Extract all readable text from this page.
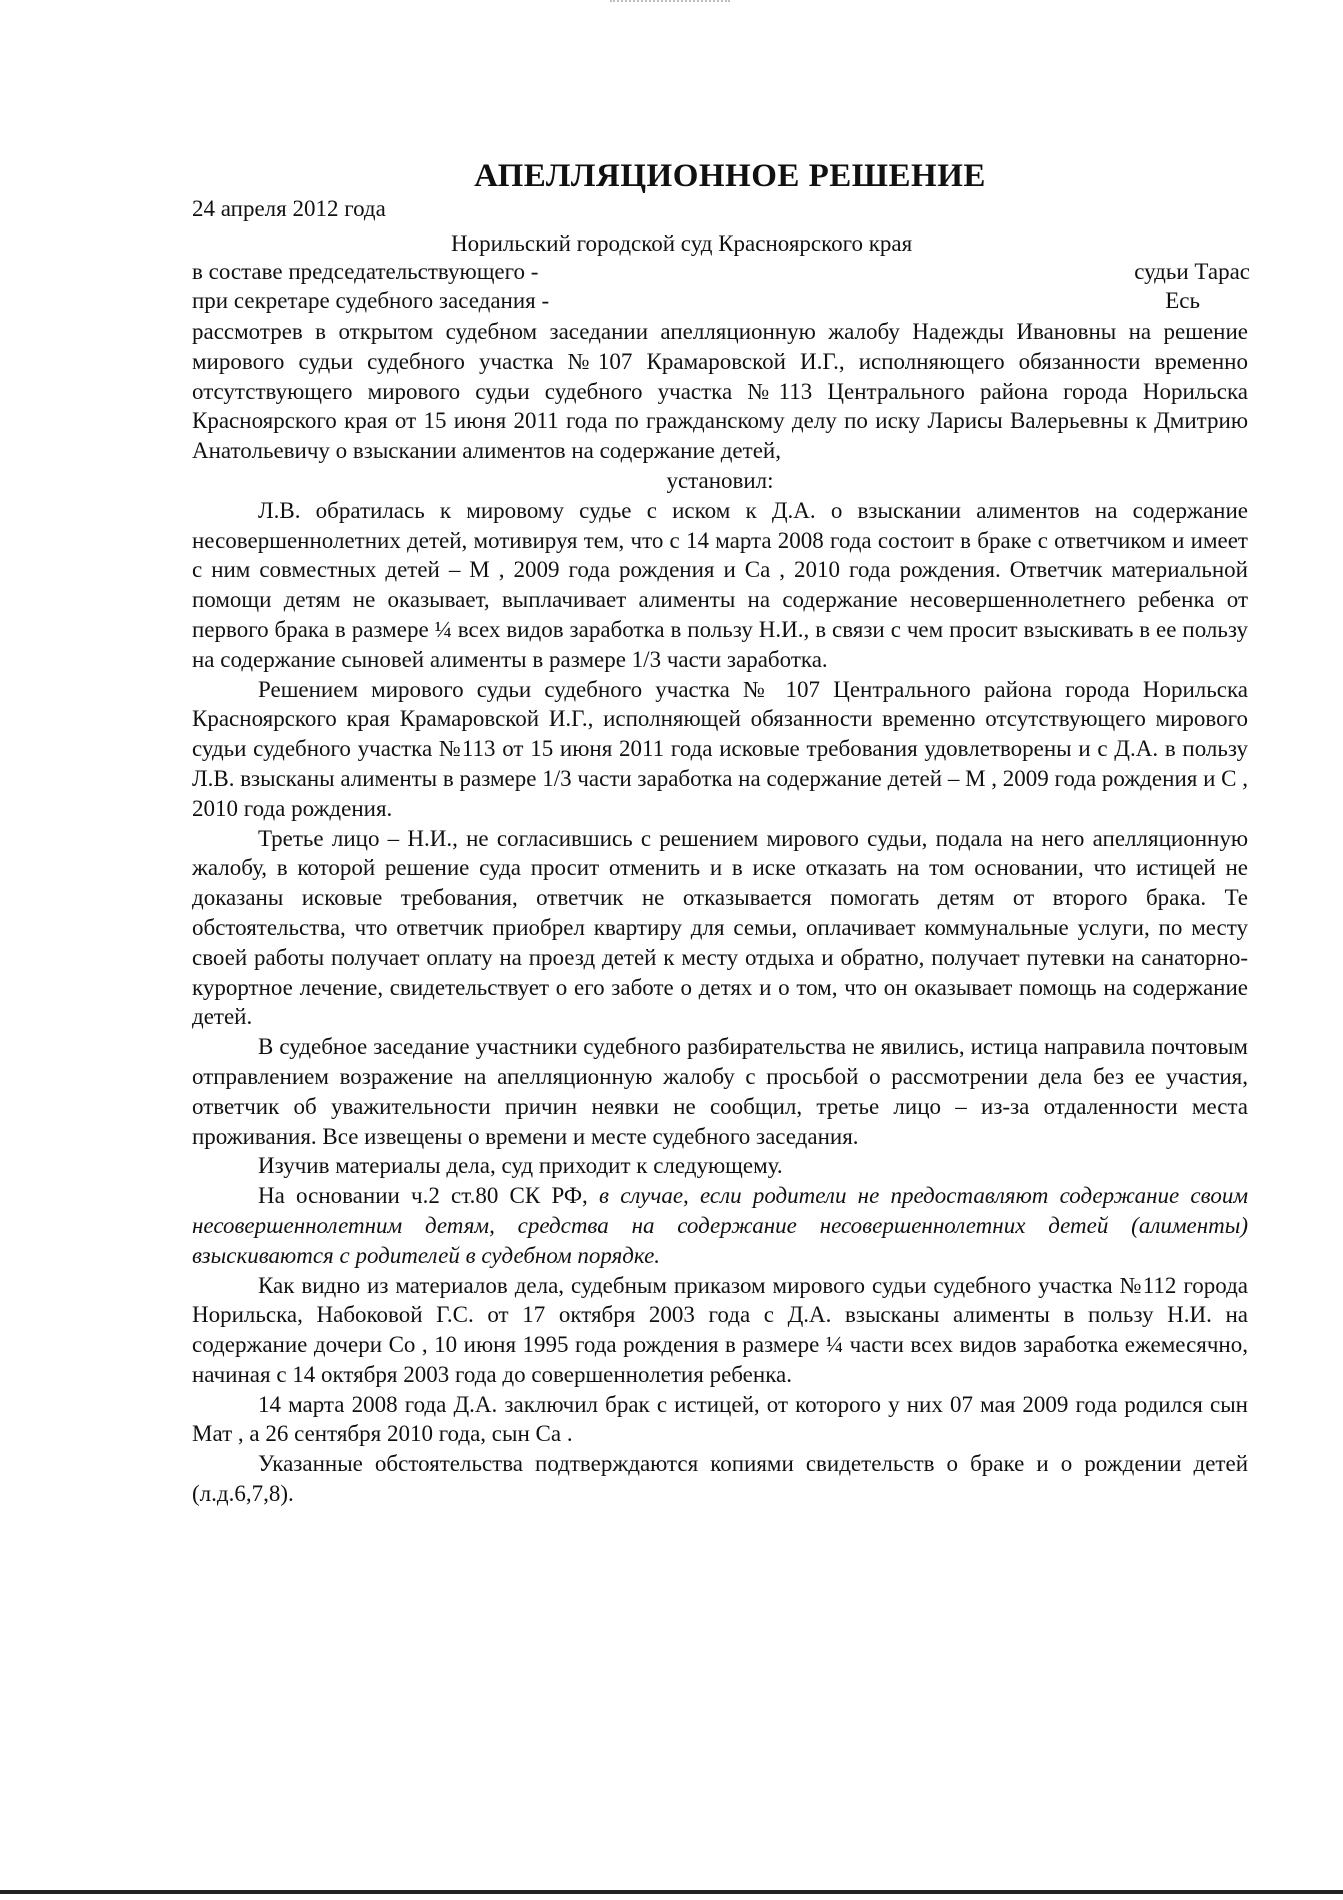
АПЕЛЛЯЦИОННОЕ РЕШЕНИЕ
24 апреля 2012 года
Норильский городской суд Красноярского края
в составе председательствующего -	судьи Тарас
при секретаре судебного заседания -	Есь

рассмотрев в открытом судебном заседании апелляционную жалобу Надежды Ивановны на решение мирового судьи судебного участка №107 Крамаровской И.Г., исполняющего обязанности временно отсутствующего мирового судьи судебного участка №113 Центрального района города Норильска Красноярского края от 15 июня 2011 года по гражданскому делу по иску Ларисы Валерьевны к Дмитрию Анатольевичу о взыскании алиментов на содержание детей,

установил:

Л.В. обратилась к мировому судье с иском к Д.А. о взыскании алиментов на содержание несовершеннолетних детей, мотивируя тем, что с 14 марта 2008 года состоит в браке с ответчиком и имеет с ним совместных детей – М , 2009 года рождения и Са , 2010 года рождения. Ответчик материальной помощи детям не оказывает, выплачивает алименты на содержание несовершеннолетнего ребенка от первого брака в размере ¼ всех видов заработка в пользу Н.И., в связи с чем просит взыскивать в ее пользу на содержание сыновей алименты в размере 1/3 части заработка.

Решением мирового судьи судебного участка № 107 Центрального района города Норильска Красноярского края Крамаровской И.Г., исполняющей обязанности временно отсутствующего мирового судьи судебного участка №113 от 15 июня 2011 года исковые требования удовлетворены и с Д.А. в пользу Л.В. взысканы алименты в размере 1/3 части заработка на содержание детей – М , 2009 года рождения и С , 2010 года рождения.

Третье лицо – Н.И., не согласившись с решением мирового судьи, подала на него апелляционную жалобу, в которой решение суда просит отменить и в иске отказать на том основании, что истицей не доказаны исковые требования, ответчик не отказывается помогать детям от второго брака. Те обстоятельства, что ответчик приобрел квартиру для семьи, оплачивает коммунальные услуги, по месту своей работы получает оплату на проезд детей к месту отдыха и обратно, получает путевки на санаторно-курортное лечение, свидетельствует о его заботе о детях и о том, что он оказывает помощь на содержание детей.

В судебное заседание участники судебного разбирательства не явились, истица направила почтовым отправлением возражение на апелляционную жалобу с просьбой о рассмотрении дела без ее участия, ответчик об уважительности причин неявки не сообщил, третье лицо – из-за отдаленности места проживания. Все извещены о времени и месте судебного заседания.

Изучив материалы дела, суд приходит к следующему.

На основании ч.2 ст.80 СК РФ, в случае, если родители не предоставляют содержание своим несовершеннолетним детям, средства на содержание несовершеннолетних детей (алименты) взыскиваются с родителей в судебном порядке.

Как видно из материалов дела, судебным приказом мирового судьи судебного участка №112 города Норильска, Набоковой Г.С. от 17 октября 2003 года с Д.А. взысканы алименты в пользу Н.И. на содержание дочери Со , 10 июня 1995 года рождения в размере ¼ части всех видов заработка ежемесячно, начиная с 14 октября 2003 года до совершеннолетия ребенка.

14 марта 2008 года Д.А. заключил брак с истицей, от которого у них 07 мая 2009 года родился сын Мат , а 26 сентября 2010 года, сын Са .

Указанные обстоятельства подтверждаются копиями свидетельств о браке и о рождении детей (л.д.6,7,8).
